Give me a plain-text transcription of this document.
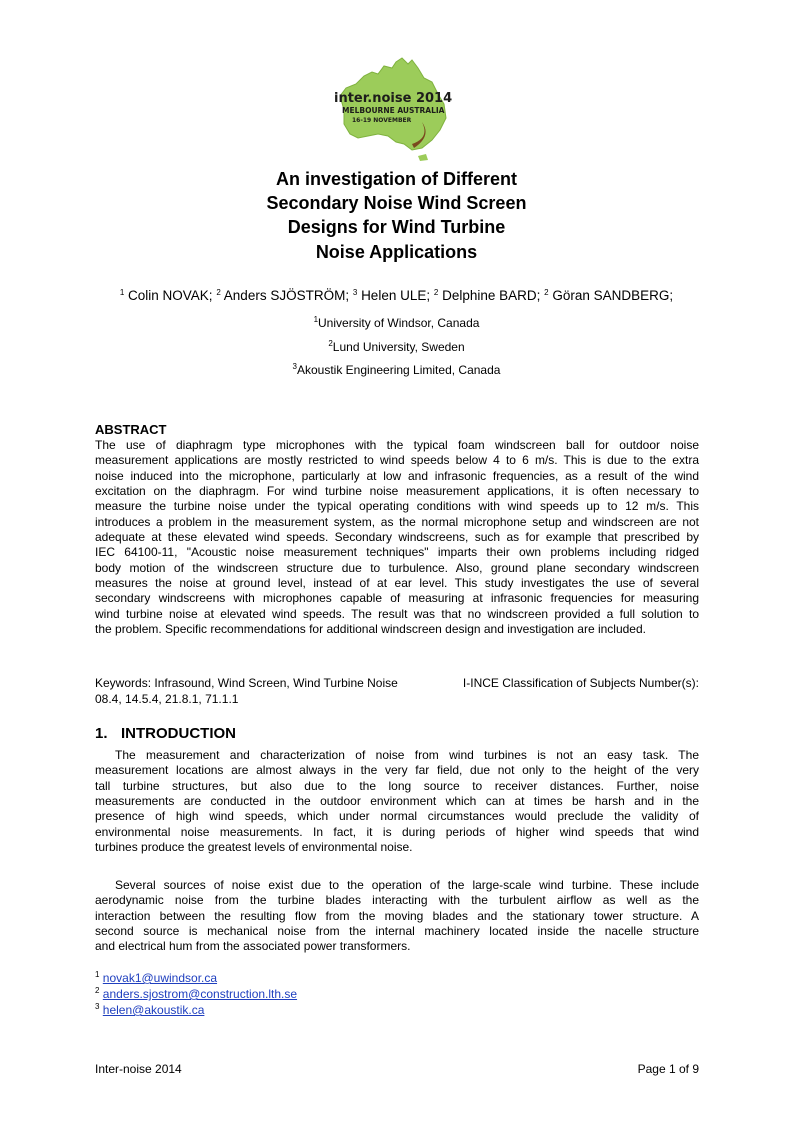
inter.noise 2014
MELBOURNE AUSTRALIA
16-19 NOVEMBER
An investigation of Different
Secondary Noise Wind Screen
Designs for Wind Turbine
Noise Applications
$^1$ Colin NOVAK; $^2$ Anders SJÖSTRÖM; $^3$ Helen ULE; $^2$ Delphine BARD; $^2$ Göran SANDBERG;
$^1$University of Windsor, Canada
$^2$Lund University, Sweden
$^3$Akoustik Engineering Limited, Canada
ABSTRACT
The use of diaphragm type microphones with the typical foam windscreen ball for outdoor noise
measurement applications are mostly restricted to wind speeds below 4 to 6 m/s. This is due to the extra
noise induced into the microphone, particularly at low and infrasonic frequencies, as a result of the wind
excitation on the diaphragm. For wind turbine noise measurement applications, it is often necessary to
measure the turbine noise under the typical operating conditions with wind speeds up to 12 m/s. This
introduces a problem in the measurement system, as the normal microphone setup and windscreen are not
adequate at these elevated wind speeds. Secondary windscreens, such as for example that prescribed by
IEC 64100-11, "Acoustic noise measurement techniques" imparts their own problems including ridged
body motion of the windscreen structure due to turbulence. Also, ground plane secondary windscreen
measures the noise at ground level, instead of at ear level. This study investigates the use of several
secondary windscreens with microphones capable of measuring at infrasonic frequencies for measuring
wind turbine noise at elevated wind speeds. The result was that no windscreen provided a full solution to
the problem. Specific recommendations for additional windscreen design and investigation are included.
Keywords: Infrasound, Wind Screen, Wind Turbine Noise	I-INCE Classification of Subjects Number(s):
08.4, 14.5.4, 21.8.1, 71.1.1
1. INTRODUCTION
The measurement and characterization of noise from wind turbines is not an easy task. The
measurement locations are almost always in the very far field, due not only to the height of the very
tall turbine structures, but also due to the long source to receiver distances. Further, noise
measurements are conducted in the outdoor environment which can at times be harsh and in the
presence of high wind speeds, which under normal circumstances would preclude the validity of
environmental noise measurements. In fact, it is during periods of higher wind speeds that wind
turbines produce the greatest levels of environmental noise.
Several sources of noise exist due to the operation of the large-scale wind turbine. These include
aerodynamic noise from the turbine blades interacting with the turbulent airflow as well as the
interaction between the resulting flow from the moving blades and the stationary tower structure. A
second source is mechanical noise from the internal machinery located inside the nacelle structure
and electrical hum from the associated power transformers.
$^1$ novak1@uwindsor.ca
$^2$ anders.sjostrom@construction.lth.se
$^3$ helen@akoustik.ca
Inter-noise 2014	Page 1 of 9
